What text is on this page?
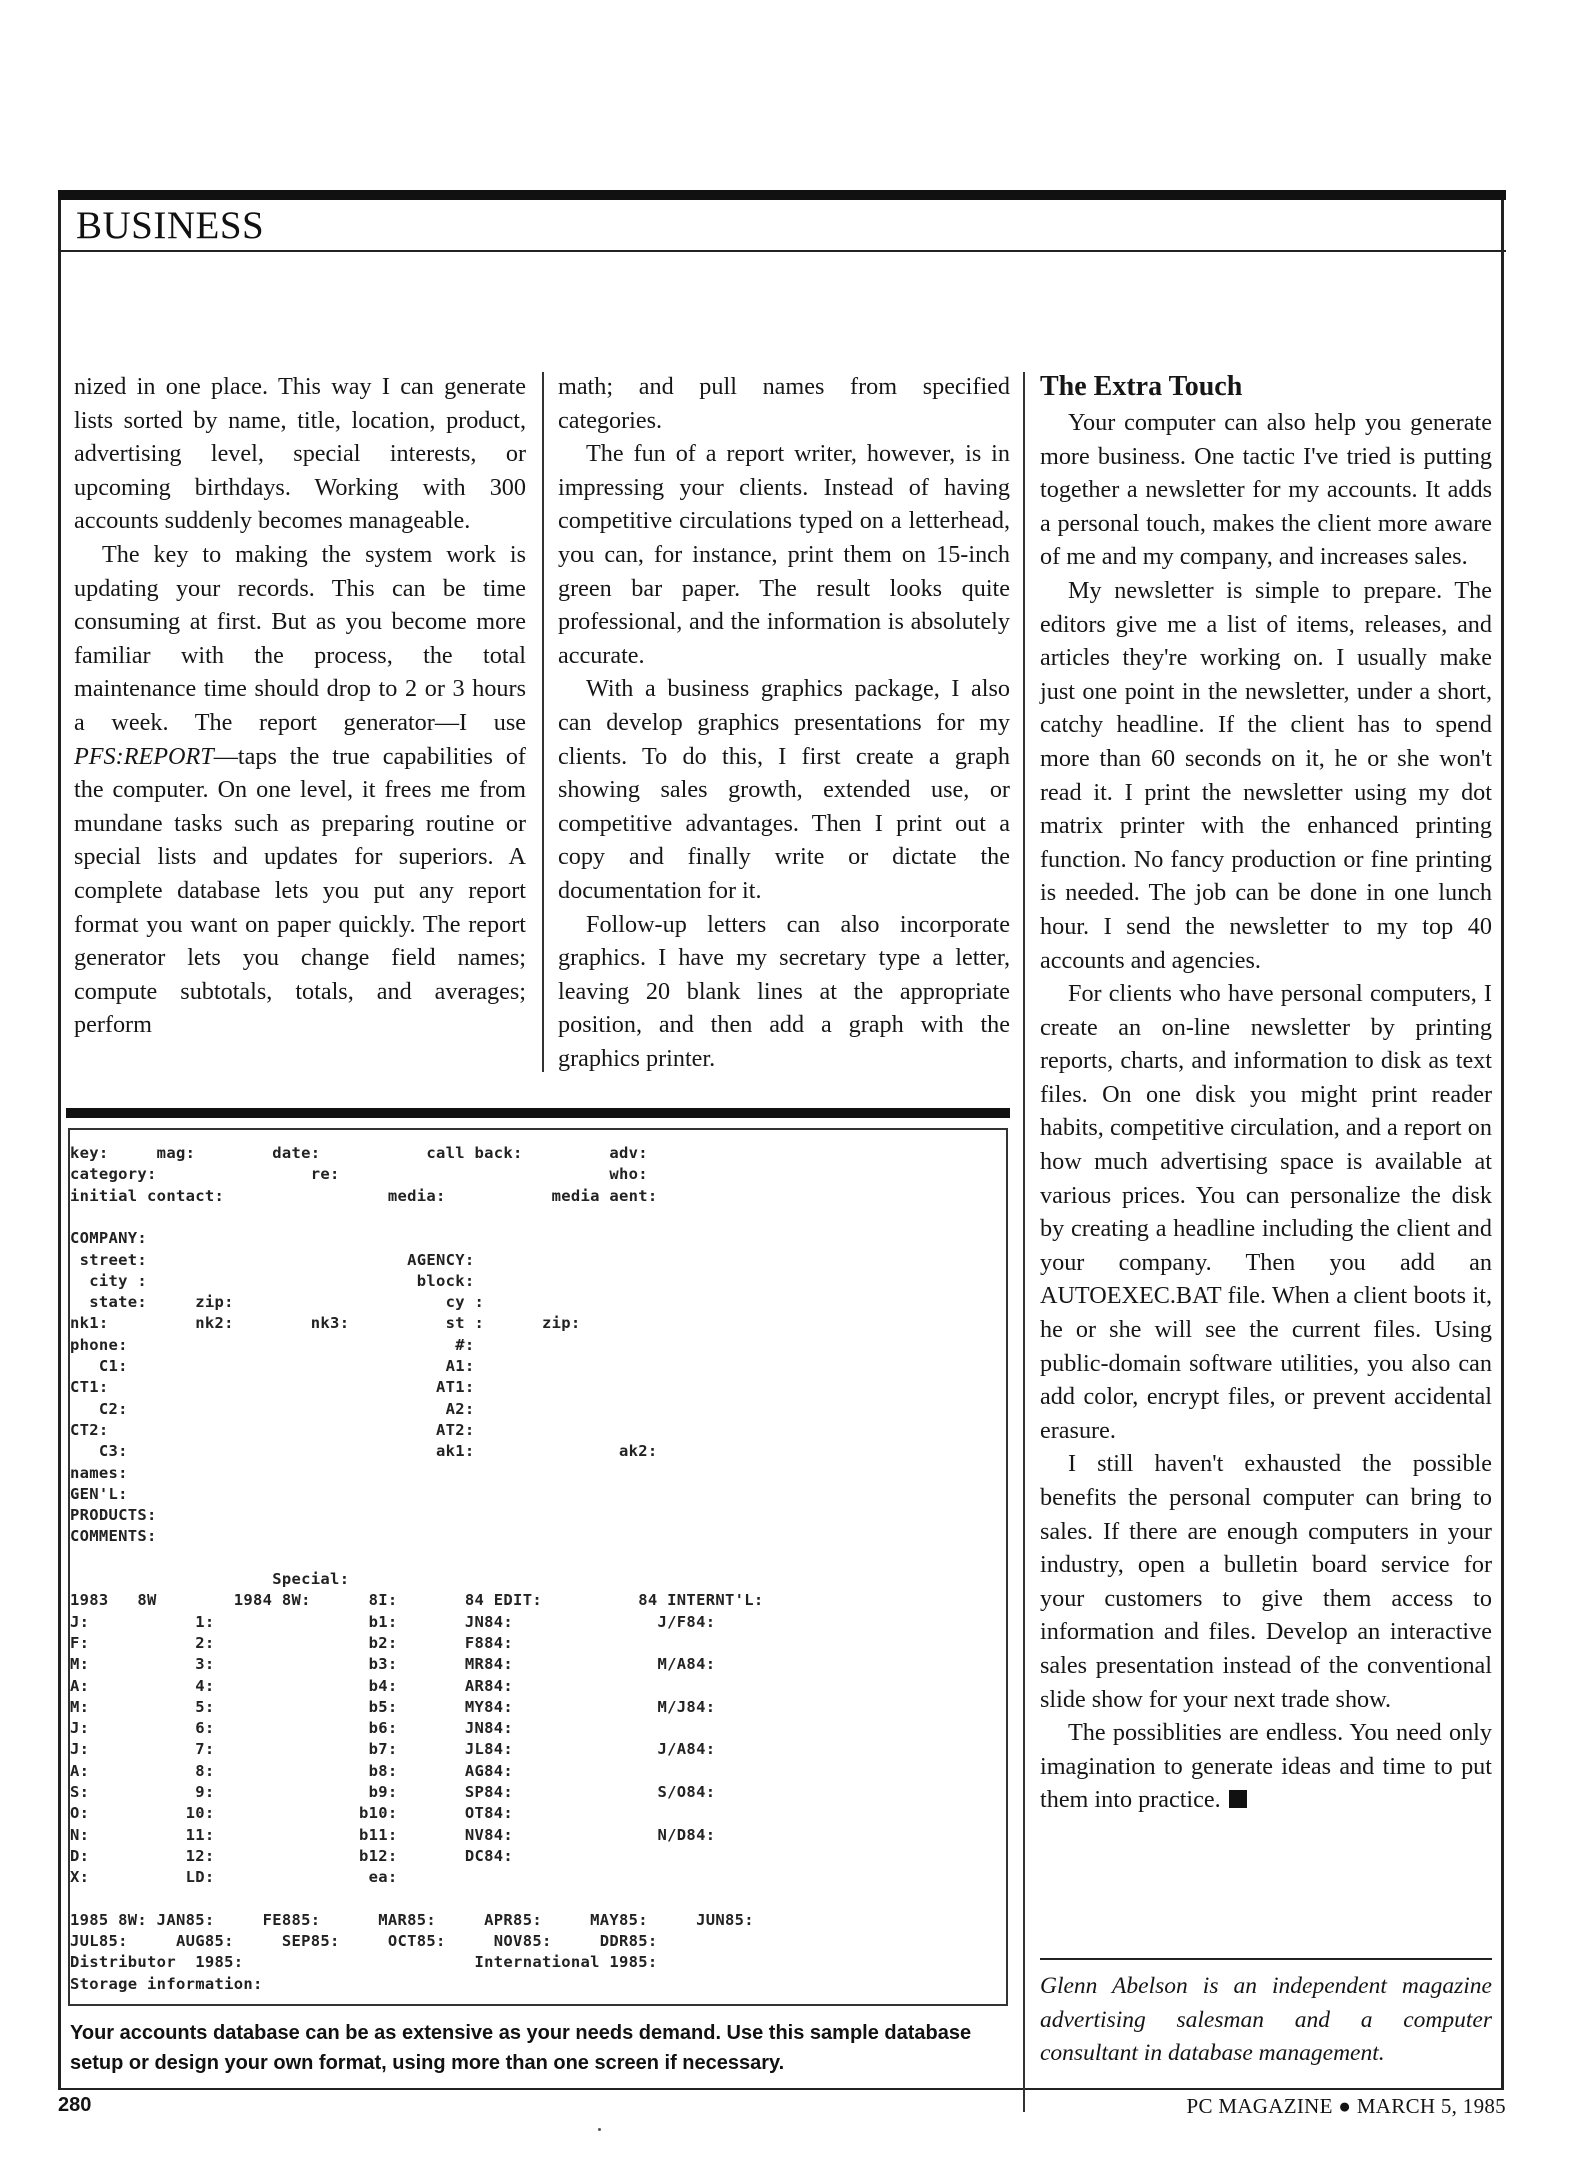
BUSINESS

nized in one place. This way I can generate lists sorted by name, title, location, product, advertising level, special interests, or upcoming birthdays. Working with 300 accounts suddenly becomes manageable.

The key to making the system work is updating your records. This can be time consuming at first. But as you become more familiar with the process, the total maintenance time should drop to 2 or 3 hours a week. The report generator—I use PFS:REPORT—taps the true capabilities of the computer. On one level, it frees me from mundane tasks such as preparing routine or special lists and updates for superiors. A complete database lets you put any report format you want on paper quickly. The report generator lets you change field names; compute subtotals, totals, and averages; perform

math; and pull names from specified categories.

The fun of a report writer, however, is in impressing your clients. Instead of having competitive circulations typed on a letterhead, you can, for instance, print them on 15-inch green bar paper. The result looks quite professional, and the information is absolutely accurate.

With a business graphics package, I also can develop graphics presentations for my clients. To do this, I first create a graph showing sales growth, extended use, or competitive advantages. Then I print out a copy and finally write or dictate the documentation for it.

Follow-up letters can also incorporate graphics. I have my secretary type a letter, leaving 20 blank lines at the appropriate position, and then add a graph with the graphics printer.

The Extra Touch

Your computer can also help you generate more business. One tactic I've tried is putting together a newsletter for my accounts. It adds a personal touch, makes the client more aware of me and my company, and increases sales.

My newsletter is simple to prepare. The editors give me a list of items, releases, and articles they're working on. I usually make just one point in the newsletter, under a short, catchy headline. If the client has to spend more than 60 seconds on it, he or she won't read it. I print the newsletter using my dot matrix printer with the enhanced printing function. No fancy production or fine printing is needed. The job can be done in one lunch hour. I send the newsletter to my top 40 accounts and agencies.

For clients who have personal computers, I create an on-line newsletter by printing reports, charts, and information to disk as text files. On one disk you might print reader habits, competitive circulation, and a report on how much advertising space is available at various prices. You can personalize the disk by creating a headline including the client and your company. Then you add an AUTOEXEC.BAT file. When a client boots it, he or she will see the current files. Using public-domain software utilities, you also can add color, encrypt files, or prevent accidental erasure.

I still haven't exhausted the possible benefits the personal computer can bring to sales. If there are enough computers in your industry, open a bulletin board service for your customers to give them access to information and files. Develop an interactive sales presentation instead of the conventional slide show for your next trade show.

The possiblities are endless. You need only imagination to generate ideas and time to put them into practice.

Glenn Abelson is an independent magazine advertising salesman and a computer consultant in database management.
key:     mag:        date:           call back:         adv:
category:                re:                            who:
initial contact:                 media:           media aent:
COMPANY:
street:                           AGENCY:
city :                            block:
state:     zip:                      cy :
nk1:         nk2:        nk3:          st :      zip:
phone:                                  #:
C1:                                 A1:
CT1:                                  AT1:
C2:                                 A2:
CT2:                                  AT2:
C3:                                ak1:               ak2:
names:
GEN'L:
PRODUCTS:
COMMENTS:
Special:
1983   8W        1984 8W:      8I:       84 EDIT:          84 INTERNT'L:
J:           1:                b1:       JN84:               J/F84:
F:           2:                b2:       F884:
M:           3:                b3:       MR84:               M/A84:
A:           4:                b4:       AR84:
M:           5:                b5:       MY84:               M/J84:
J:           6:                b6:       JN84:
J:           7:                b7:       JL84:               J/A84:
A:           8:                b8:       AG84:
S:           9:                b9:       SP84:               S/O84:
O:          10:               b10:       OT84:
N:          11:               b11:       NV84:               N/D84:
D:          12:               b12:       DC84:
X:          LD:                ea:
1985 8W: JAN85:     FE885:      MAR85:     APR85:     MAY85:     JUN85:
JUL85:     AUG85:     SEP85:     OCT85:     NOV85:     DDR85:
Distributor  1985:                        International 1985:
Storage information:
Your accounts database can be as extensive as your needs demand. Use this sample database setup or design your own format, using more than one screen if necessary.
280	PC MAGAZINE ● MARCH 5, 1985
